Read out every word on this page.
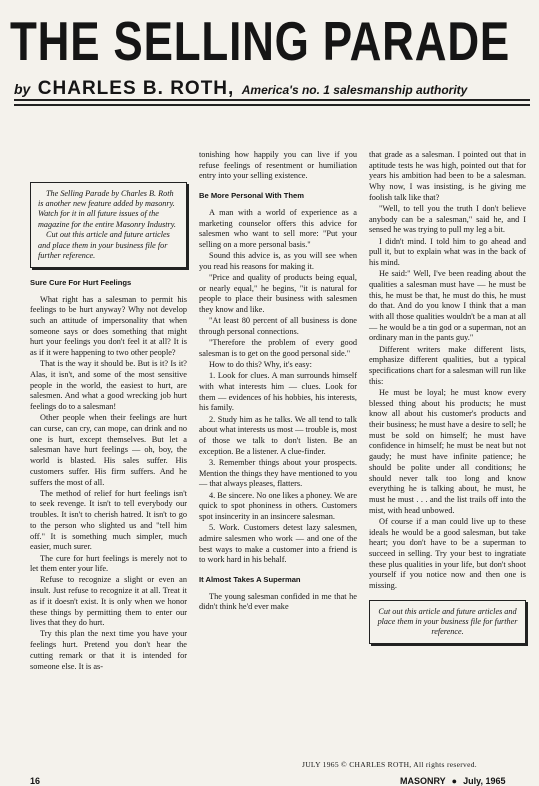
THE SELLING PARADE
by CHARLES B. ROTH, America's no. 1 salesmanship authority

The Selling Parade by Charles B. Roth is another new feature added by masonry. Watch for it in all future issues of the magazine for the entire Masonry Industry.

Cut out this article and future articles and place them in your business file for further reference.

Sure Cure For Hurt Feelings

What right has a salesman to permit his feelings to be hurt anyway? Why not develop such an attitude of impersonality that when someone says or does something that might hurt your feelings you don't feel it at all? It is as if it were happening to two other people?

That is the way it should be. But is it? Is it? Alas, it isn't, and some of the most sensitive people in the world, the easiest to hurt, are salesmen. And what a good wrecking job hurt feelings do to a salesman!

Other people when their feelings are hurt can curse, can cry, can mope, can drink and no one is hurt, except themselves. But let a salesman have hurt feelings — oh, boy, the world is blasted. His sales suffer. His customers suffer. His firm suffers. And he suffers the most of all.

The method of relief for hurt feelings isn't to seek revenge. It isn't to tell everybody our troubles. It isn't to cherish hatred. It isn't to go to the person who slighted us and "tell him off." It is something much simpler, much easier, much surer.

The cure for hurt feelings is merely not to let them enter your life.

Refuse to recognize a slight or even an insult. Just refuse to recognize it at all. Treat it as if it doesn't exist. It is only when we honor these things by permitting them to enter our lives that they do hurt.

Try this plan the next time you have your feelings hurt. Pretend you don't hear the cutting remark or that it is intended for someone else. It is as-

tonishing how happily you can live if you refuse feelings of resentment or humiliation entry into your selling existence.

Be More Personal With Them

A man with a world of experience as a marketing counselor offers this advice for salesmen who want to sell more: "Put your selling on a more personal basis."

Sound this advice is, as you will see when you read his reasons for making it.

"Price and quality of products being equal, or nearly equal," he begins, "it is natural for people to place their business with salesmen they know and like.

"At least 80 percent of all business is done through personal connections.

"Therefore the problem of every good salesman is to get on the good personal side."

How to do this? Why, it's easy:

1. Look for clues. A man surrounds himself with what interests him — clues. Look for them — evidences of his hobbies, his interests, his family.

2. Study him as he talks. We all tend to talk about what interests us most — trouble is, most of those we talk to don't listen. Be an exception. Be a listener. A clue-finder.

3. Remember things about your prospects. Mention the things they have mentioned to you — that always pleases, flatters.

4. Be sincere. No one likes a phoney. We are quick to spot phoniness in others. Customers spot insincerity in an insincere salesman.

5. Work. Customers detest lazy salesmen, admire salesmen who work — and one of the best ways to make a customer into a friend is to work hard in his behalf.

It Almost Takes A Superman

The young salesman confided in me that he didn't think he'd ever make

that grade as a salesman. I pointed out that in aptitude tests he was high, pointed out that for years his ambition had been to be a salesman. Why now, I was insisting, is he giving me foolish talk like that?

"Well, to tell you the truth I don't believe anybody can be a salesman," said he, and I sensed he was trying to pull my leg a bit.

I didn't mind. I told him to go ahead and pull it, but to explain what was in the back of his mind.

He said:" Well, I've been reading about the qualities a salesman must have — he must be this, he must be that, he must do this, he must do that. And do you know I think that a man with all those qualities wouldn't be a man at all — he would be a tin god or a superman, not an ordinary man in the pants guy."

Different writers make different lists, emphasize different qualities, but a typical specifications chart for a salesman will run like this:

He must be loyal; he must know every blessed thing about his products; he must know all about his customer's products and their business; he must have a desire to sell; he must be sold on himself; he must have confidence in himself; he must be neat but not gaudy; he must have infinite patience; he should be polite under all conditions; he should never talk too long and know everything he is talking about, he must, he must he must . . . and the list trails off into the mist, with head unbowed.

Of course if a man could live up to these ideals he would be a good salesman, but take heart; you don't have to be a superman to succeed in selling. Try your best to ingratiate these plus qualities in your life, but don't shoot yourself if you notice now and then one is missing.

Cut out this article and future articles and place them in your business file for further reference.

JULY 1965 © CHARLES ROTH, All rights reserved.
16	MASONRY ● July, 1965
